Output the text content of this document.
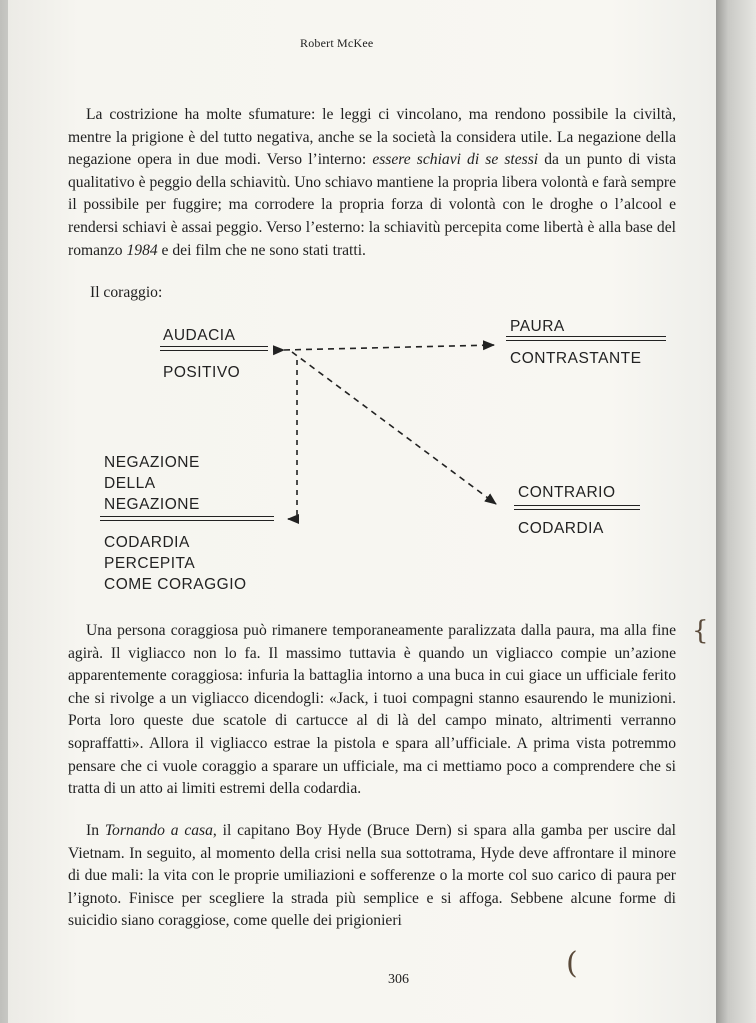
Robert McKee

La costrizione ha molte sfumature: le leggi ci vincolano, ma rendono possibile la civiltà, mentre la prigione è del tutto negativa, anche se la società la considera utile. La negazione della negazione opera in due modi. Verso l’interno: essere schiavi di se stessi da un punto di vista qualitativo è peggio della schiavitù. Uno schiavo mantiene la propria libera volontà e farà sempre il possibile per fuggire; ma corrodere la propria forza di volontà con le droghe o l’alcool e rendersi schiavi è assai peggio. Verso l’esterno: la schiavitù percepita come libertà è alla base del romanzo 1984 e dei film che ne sono stati tratti.

Il coraggio:
AUDACIA
POSITIVO
PAURA
CONTRASTANTE
CONTRARIO
CODARDIA
NEGAZIONE
DELLA
NEGAZIONE
CODARDIA
PERCEPITA
COME CORAGGIO

Una persona coraggiosa può rimanere temporaneamente paralizzata dalla paura, ma alla fine agirà. Il vigliacco non lo fa. Il massimo tuttavia è quando un vigliacco compie un’azione apparentemente coraggiosa: infuria la battaglia intorno a una buca in cui giace un ufficiale ferito che si rivolge a un vigliacco dicendogli: «Jack, i tuoi compagni stanno esaurendo le munizioni. Porta loro queste due scatole di cartucce al di là del campo minato, altrimenti verranno sopraffatti». Allora il vigliacco estrae la pistola e spara all’ufficiale. A prima vista potremmo pensare che ci vuole coraggio a sparare un ufficiale, ma ci mettiamo poco a comprendere che si tratta di un atto ai limiti estremi della codardia.

In Tornando a casa, il capitano Boy Hyde (Bruce Dern) si spara alla gamba per uscire dal Vietnam. In seguito, al momento della crisi nella sua sottotrama, Hyde deve affrontare il minore di due mali: la vita con le proprie umiliazioni e sofferenze o la morte col suo carico di paura per l’ignoto. Finisce per scegliere la strada più semplice e si affoga. Sebbene alcune forme di suicidio siano coraggiose, come quelle dei prigionieri

{
(
306
